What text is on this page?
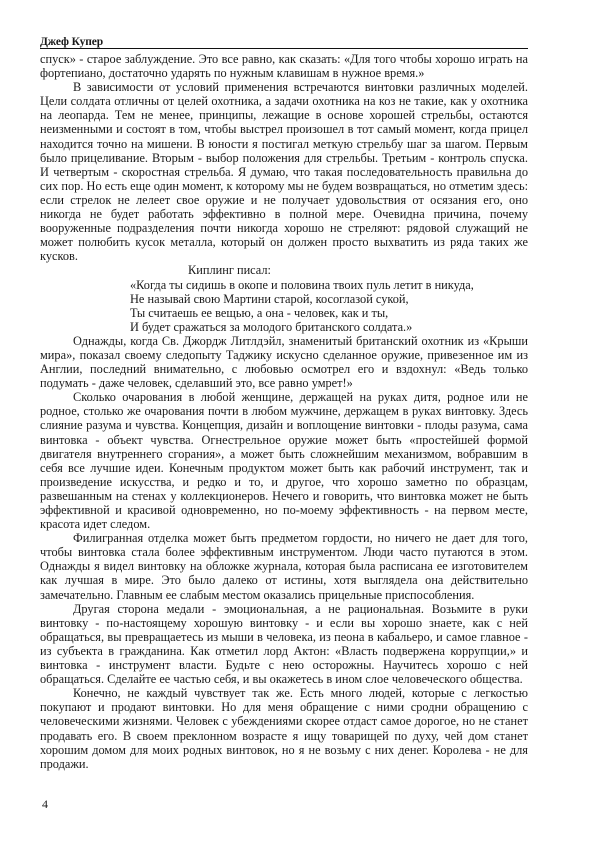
Джеф Купер

спуск» - старое заблуждение. Это все равно, как сказать: «Для того чтобы хорошо играть на фортепиано, достаточно ударять по нужным клавишам в нужное время.»

В зависимости от условий применения встречаются винтовки различных моделей. Цели солдата отличны от целей охотника, а задачи охотника на коз не такие, как у охотника на леопарда. Тем не менее, принципы, лежащие в основе хорошей стрельбы, остаются неизменными и состоят в том, чтобы выстрел произошел в тот самый момент, когда прицел находится точно на мишени. В юности я постигал меткую стрельбу шаг за шагом. Первым было прицеливание. Вторым - выбор положения для стрельбы. Третьим - контроль спуска. И четвертым - скоростная стрельба. Я думаю, что такая последовательность правильна до сих пор. Но есть еще один момент, к которому мы не будем возвращаться, но отметим здесь: если стрелок не лелеет свое оружие и не получает удовольствия от осязания его, оно никогда не будет работать эффективно в полной мере. Очевидна причина, почему вооруженные подразделения почти никогда хорошо не стреляют: рядовой служащий не может полюбить кусок металла, который он должен просто выхватить из ряда таких же кусков.

Киплинг писал:

«Когда ты сидишь в окопе и половина твоих пуль летит в никуда,
Не называй свою Мартини старой, косоглазой сукой,
Ты считаешь ее вещью, а она - человек, как и ты,
И будет сражаться за молодого британского солдата.»

Однажды, когда Св. Джордж Литлдэйл, знаменитый британский охотник из «Крыши мира», показал своему следопыту Таджику искусно сделанное оружие, привезенное им из Англии, последний внимательно, с любовью осмотрел его и вздохнул: «Ведь только подумать - даже человек, сделавший это, все равно умрет!»

Сколько очарования в любой женщине, держащей на руках дитя, родное или не родное, столько же очарования почти в любом мужчине, держащем в руках винтовку. Здесь слияние разума и чувства. Концепция, дизайн и воплощение винтовки - плоды разума, сама винтовка - объект чувства. Огнестрельное оружие может быть «простейшей формой двигателя внутреннего сгорания», а может быть сложнейшим механизмом, вобравшим в себя все лучшие идеи. Конечным продуктом может быть как рабочий инструмент, так и произведение искусства, и редко и то, и другое, что хорошо заметно по образцам, развешанным на стенах у коллекционеров. Нечего и говорить, что винтовка может не быть эффективной и красивой одновременно, но по-моему эффективность - на первом месте, красота идет следом.

Филигранная отделка может быть предметом гордости, но ничего не дает для того, чтобы винтовка стала более эффективным инструментом. Люди часто путаются в этом. Однажды я видел винтовку на обложке журнала, которая была расписана ее изготовителем как лучшая в мире. Это было далеко от истины, хотя выглядела она действительно замечательно. Главным ее слабым местом оказались прицельные приспособления.

Другая сторона медали - эмоциональная, а не рациональная. Возьмите в руки винтовку - по-настоящему хорошую винтовку - и если вы хорошо знаете, как с ней обращаться, вы превращаетесь из мыши в человека, из пеона в кабальеро, и самое главное - из субъекта в гражданина. Как отметил лорд Актон: «Власть подвержена коррупции,» и винтовка - инструмент власти. Будьте с нею осторожны. Научитесь хорошо с ней обращаться. Сделайте ее частью себя, и вы окажетесь в ином слое человеческого общества.

Конечно, не каждый чувствует так же. Есть много людей, которые с легкостью покупают и продают винтовки. Но для меня обращение с ними сродни обращению с человеческими жизнями. Человек с убеждениями скорее отдаст самое дорогое, но не станет продавать его. В своем преклонном возрасте я ищу товарищей по духу, чей дом станет хорошим домом для моих родных винтовок, но я не возьму с них денег. Королева - не для продажи.

4
